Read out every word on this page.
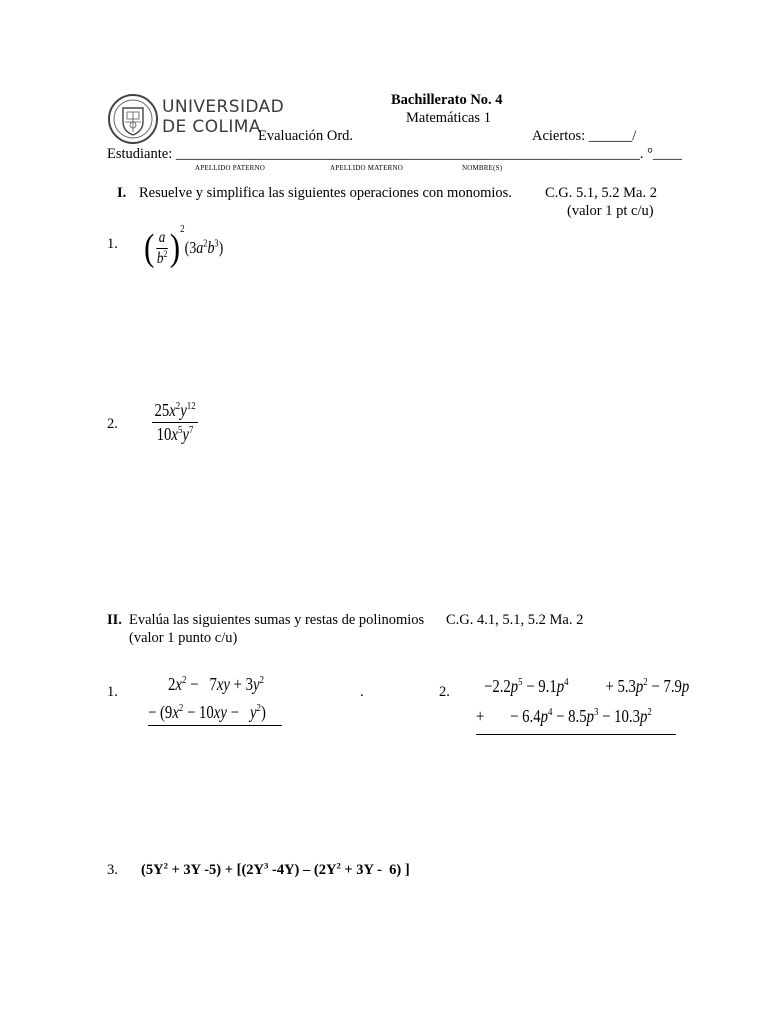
UNIVERSIDAD
DE COLIMA
Bachillerato No. 4
Matemáticas 1
Evaluación Ord.	Aciertos: ______/
Estudiante: ________________________________________________________________. °____
APELLIDO PATERNO	APELLIDO MATERNO	NOMBRE(S)
I. Resuelve y simplifica las siguientes operaciones con monomios. C.G. 5.1, 5.2 Ma. 2
(valor 1 pt c/u)
1. ( $\frac{a}{b^2} )^2(3a^2b^3)$
2. $\frac{25x^2y^{12}}{10x^5y^7}$
II. Evalúa las siguientes sumas y restas de polinomios C.G. 4.1, 5.1, 5.2 Ma. 2
(valor 1 punto c/u)
1.	$2x^2 - 7xy + 3y^2$
− $(9x^2 - 10xy - y^2)$
.	2. $-2.2p^5 - 9.1p^4$          + $5.3p^2 - 7.9p$
+       − $6.4p^4 - 8.5p^3 - 10.3p^2$
3. ($5Y^2 + 3Y$ $-5) + [(2Y^3$ $-4Y) - (2Y^2 + 3Y - 6)$ ]
